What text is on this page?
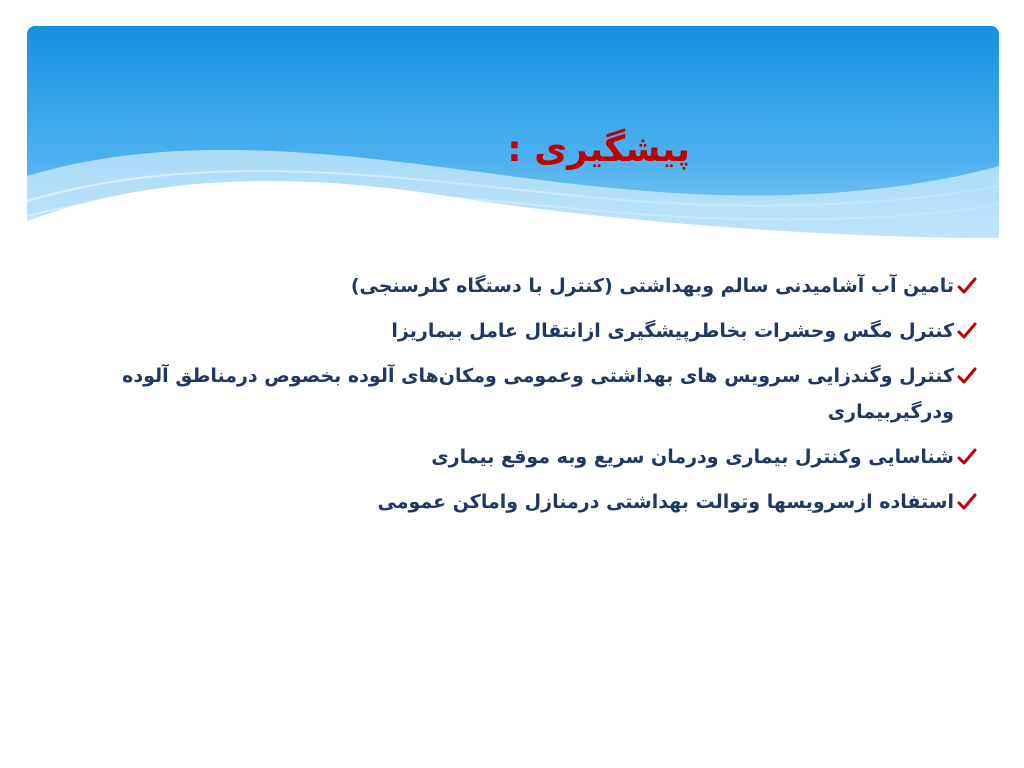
پیشگیری :
تامین آب آشامیدنی سالم وبهداشتی (کنترل با دستگاه کلرسنجی)
کنترل مگس وحشرات بخاطرپیشگیری ازانتقال عامل بیماریزا
کنترل وگندزایی سرویس های بهداشتی وعمومی ومکان‌های آلوده بخصوص درمناطق آلوده ودرگیربیماری
شناسایی وکنترل بیماری ودرمان سریع وبه موقع بیماری
استفاده ازسرویسها وتوالت بهداشتی درمنازل واماکن عمومی
